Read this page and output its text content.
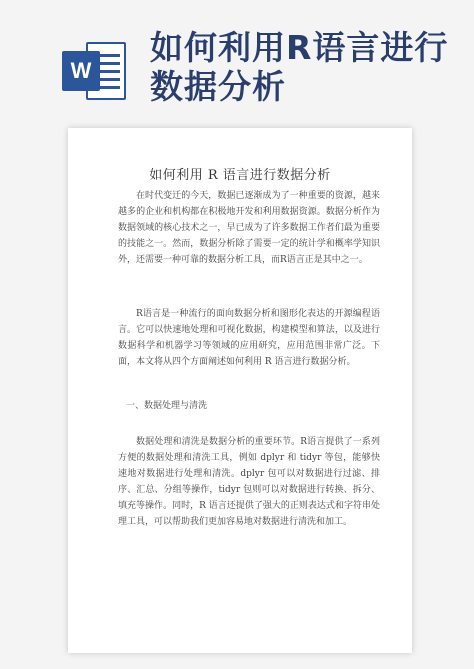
W
如何利用R语言进行数据分析
如何利用 R 语言进行数据分析

在时代变迁的今天，数据已逐渐成为了一种重要的资源，越来越多的企业和机构都在积极地开发和利用数据资源。数据分析作为数据领域的核心技术之一，早已成为了许多数据工作者们最为重要的技能之一。然而，数据分析除了需要一定的统计学和概率学知识外，还需要一种可靠的数据分析工具，而R语言正是其中之一。

R语言是一种流行的面向数据分析和图形化表达的开源编程语言。它可以快速地处理和可视化数据，构建模型和算法，以及进行数据科学和机器学习等领域的应用研究，应用范围非常广泛。下面，本文将从四个方面阐述如何利用 R 语言进行数据分析。

一、数据处理与清洗

数据处理和清洗是数据分析的重要环节。R语言提供了一系列方便的数据处理和清洗工具，例如 dplyr 和 tidyr 等包，能够快速地对数据进行处理和清洗。dplyr 包可以对数据进行过滤、排序、汇总、分组等操作，tidyr 包则可以对数据进行转换、拆分、填充等操作。同时，R 语言还提供了强大的正则表达式和字符串处理工具，可以帮助我们更加容易地对数据进行清洗和加工。
